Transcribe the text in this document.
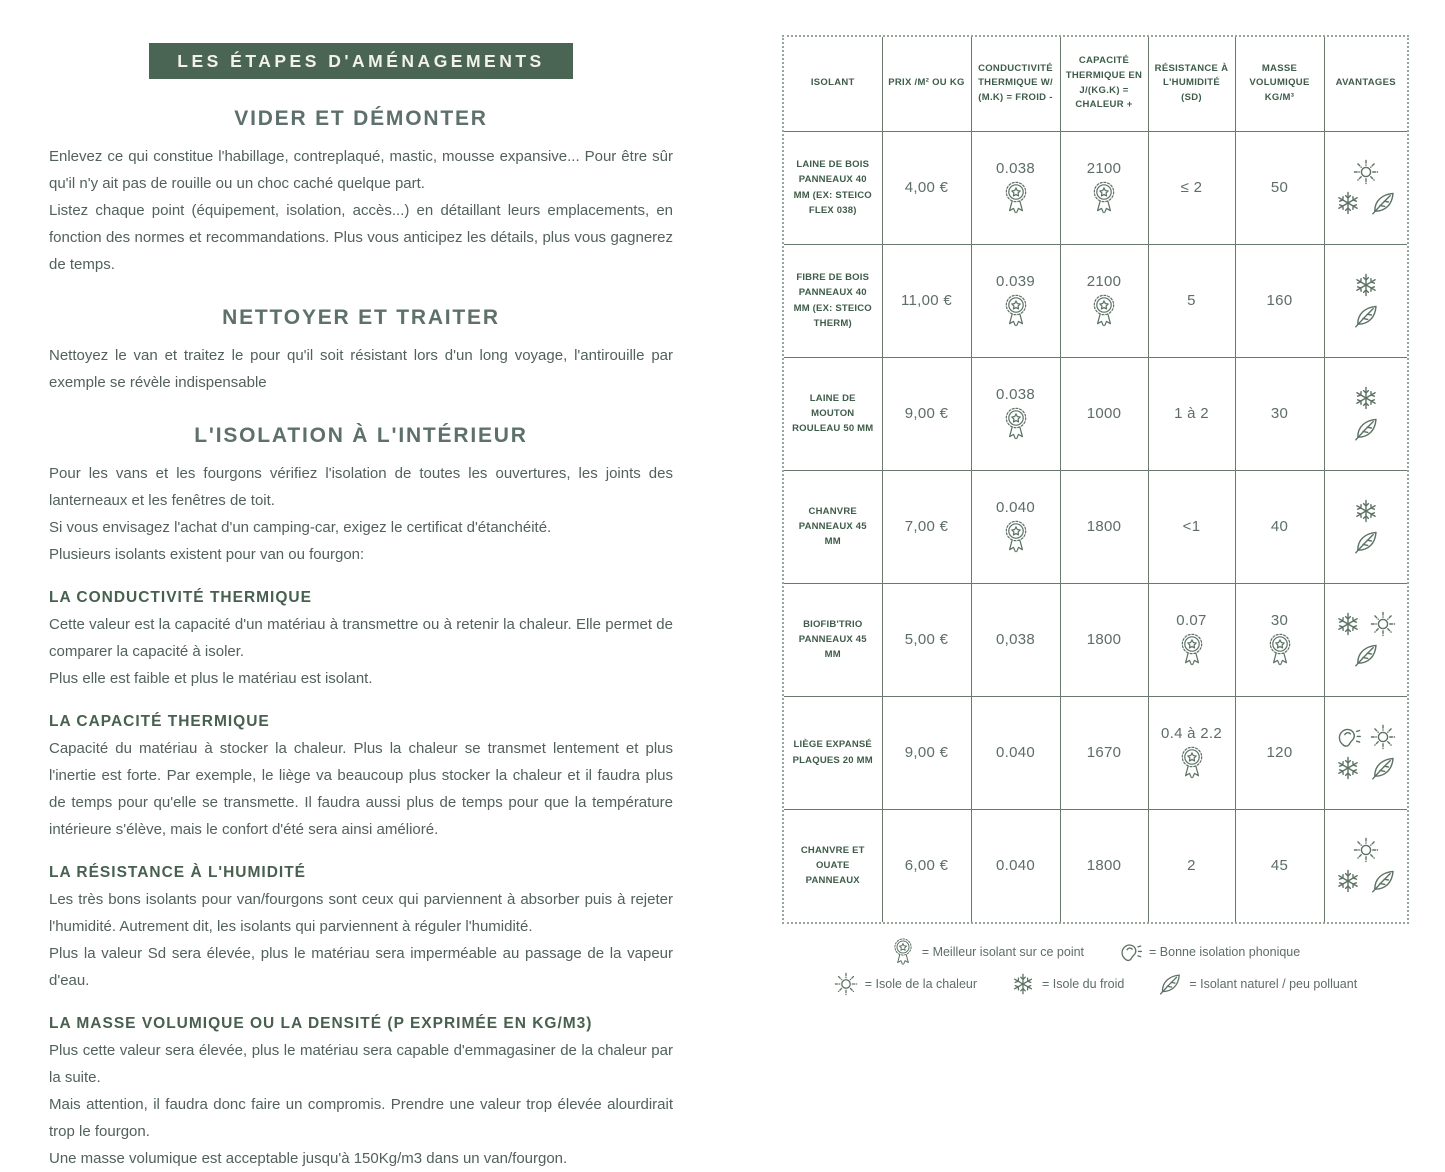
LES ÉTAPES D'AMÉNAGEMENTS
VIDER ET DÉMONTER

Enlevez ce qui constitue l'habillage, contreplaqué, mastic, mousse expansive... Pour être sûr qu'il n'y ait pas de rouille ou un choc caché quelque part.

Listez chaque point (équipement, isolation, accès...) en détaillant leurs emplacements, en fonction des normes et recommandations. Plus vous anticipez les détails, plus vous gagnerez de temps.

NETTOYER ET TRAITER

Nettoyez le van et traitez le pour qu'il soit résistant lors d'un long voyage, l'antirouille par exemple se révèle indispensable

L'ISOLATION À L'INTÉRIEUR

Pour les vans et les fourgons vérifiez l'isolation de toutes les ouvertures, les joints des lanterneaux et les fenêtres de toit.

Si vous envisagez l'achat d'un camping-car, exigez le certificat d'étanchéité.

Plusieurs isolants existent pour van ou fourgon:

LA CONDUCTIVITÉ THERMIQUE

Cette valeur est la capacité d'un matériau à transmettre ou à retenir la chaleur. Elle permet de comparer la capacité à isoler.

Plus elle est faible et plus le matériau est isolant.

LA CAPACITÉ THERMIQUE

Capacité du matériau à stocker la chaleur. Plus la chaleur se transmet lentement et plus l'inertie est forte. Par exemple, le liège va beaucoup plus stocker la chaleur et il faudra plus de temps pour qu'elle se transmette. Il faudra aussi plus de temps pour que la température intérieure s'élève, mais le confort d'été sera ainsi amélioré.

LA RÉSISTANCE À L'HUMIDITÉ

Les très bons isolants pour van/fourgons sont ceux qui parviennent à absorber puis à rejeter l'humidité. Autrement dit, les isolants qui parviennent à réguler l'humidité.

Plus la valeur Sd sera élevée, plus le matériau sera imperméable au passage de la vapeur d'eau.

LA MASSE VOLUMIQUE OU LA DENSITÉ (P EXPRIMÉE EN KG/M3)

Plus cette valeur sera élevée, plus le matériau sera capable d'emmagasiner de la chaleur par la suite.

Mais attention, il faudra donc faire un compromis. Prendre une valeur trop élevée alourdirait trop le fourgon.

Une masse volumique est acceptable jusqu'à 150Kg/m3 dans un van/fourgon.

ISOLANT	PRIX /M² OU KG	CONDUCTIVITÉ THERMIQUE W/ (M.K) = FROID -	CAPACITÉ THERMIQUE EN J/(KG.K) = CHALEUR +	RÉSISTANCE À L'HUMIDITÉ (SD)	MASSE VOLUMIQUE KG/M³	AVANTAGES
LAINE DE BOIS PANNEAUX 40 MM (EX: STEICO FLEX 038)	4,00 €	0.038	2100	≤ 2	50	

FIBRE DE BOIS PANNEAUX 40 MM (EX: STEICO THERM)	11,00 €	0.039	2100	5	160	

LAINE DE MOUTON ROULEAU 50 MM	9,00 €	0.038	1000	1 à 2	30	

CHANVRE PANNEAUX 45 MM	7,00 €	0.040	1800	<1	40	

BIOFIB'TRIO PANNEAUX 45 MM	5,00 €	0,038	1800	0.07	30

LIÈGE EXPANSÉ PLAQUES 20 MM	9,00 €	0.040	1670	0.4 à 2.2	120	

CHANVRE ET OUATE PANNEAUX	6,00 €	0.040	1800	2	45	
= Meilleur isolant sur ce point	= Bonne isolation phonique
= Isole de la chaleur	= Isole du froid	= Isolant naturel / peu polluant
